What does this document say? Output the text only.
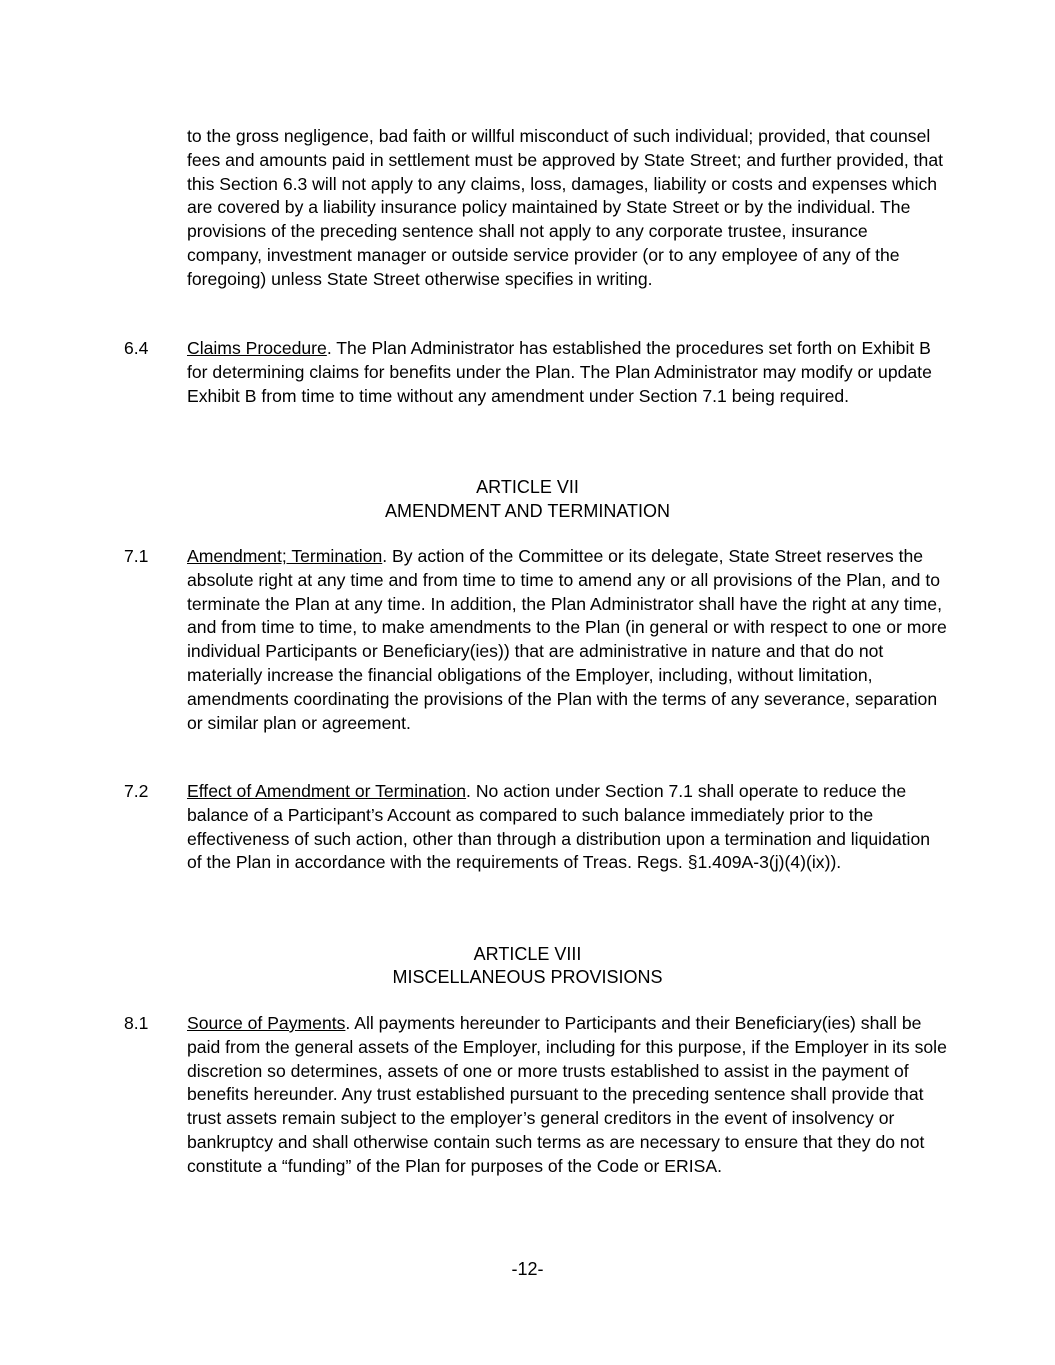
to the gross negligence, bad faith or willful misconduct of such individual; provided, that counsel fees and amounts paid in settlement must be approved by State Street; and further provided, that this Section 6.3 will not apply to any claims, loss, damages, liability or costs and expenses which are covered by a liability insurance policy maintained by State Street or by the individual. The provisions of the preceding sentence shall not apply to any corporate trustee, insurance company, investment manager or outside service provider (or to any employee of any of the foregoing) unless State Street otherwise specifies in writing.

6.4 Claims Procedure. The Plan Administrator has established the procedures set forth on Exhibit B for determining claims for benefits under the Plan. The Plan Administrator may modify or update Exhibit B from time to time without any amendment under Section 7.1 being required.

ARTICLE VII
AMENDMENT AND TERMINATION
7.1 Amendment; Termination. By action of the Committee or its delegate, State Street reserves the absolute right at any time and from time to time to amend any or all provisions of the Plan, and to terminate the Plan at any time. In addition, the Plan Administrator shall have the right at any time, and from time to time, to make amendments to the Plan (in general or with respect to one or more individual Participants or Beneficiary(ies)) that are administrative in nature and that do not materially increase the financial obligations of the Employer, including, without limitation, amendments coordinating the provisions of the Plan with the terms of any severance, separation or similar plan or agreement.

7.2 Effect of Amendment or Termination. No action under Section 7.1 shall operate to reduce the balance of a Participant’s Account as compared to such balance immediately prior to the effectiveness of such action, other than through a distribution upon a termination and liquidation of the Plan in accordance with the requirements of Treas. Regs. §1.409A-3(j)(4)(ix)).

ARTICLE VIII
MISCELLANEOUS PROVISIONS
8.1 Source of Payments. All payments hereunder to Participants and their Beneficiary(ies) shall be paid from the general assets of the Employer, including for this purpose, if the Employer in its sole discretion so determines, assets of one or more trusts established to assist in the payment of benefits hereunder. Any trust established pursuant to the preceding sentence shall provide that trust assets remain subject to the employer’s general creditors in the event of insolvency or bankruptcy and shall otherwise contain such terms as are necessary to ensure that they do not constitute a “funding” of the Plan for purposes of the Code or ERISA.

-12-
